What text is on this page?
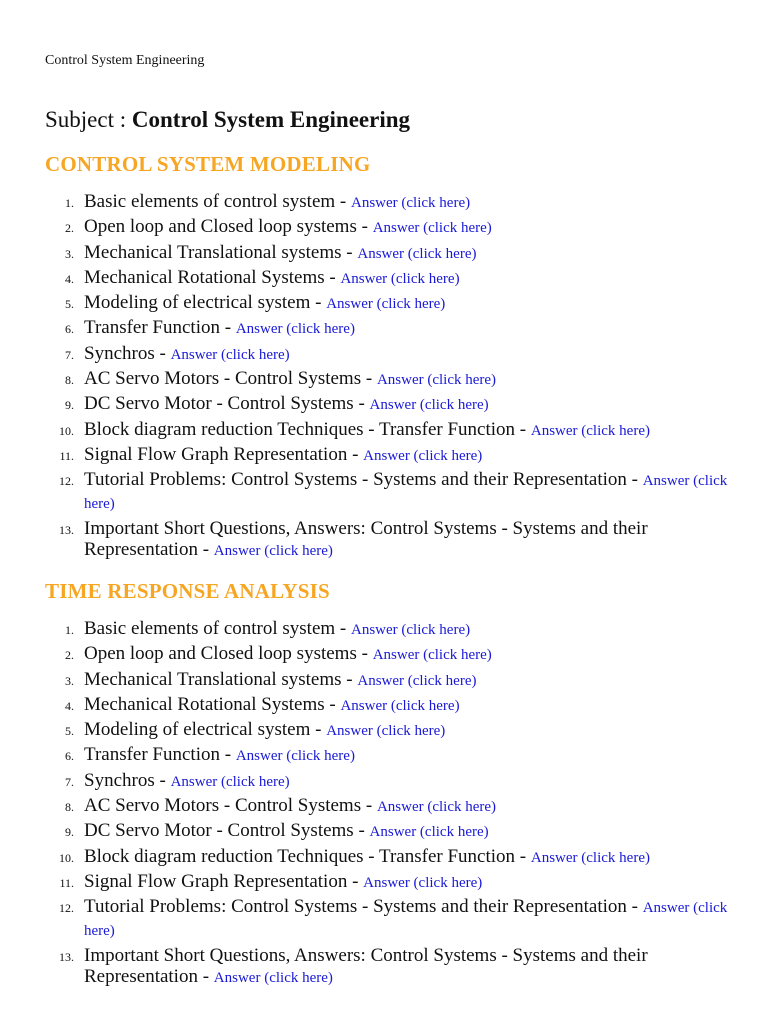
Control System Engineering
Subject : Control System Engineering
CONTROL SYSTEM MODELING
1. Basic elements of control system - Answer (click here)
2. Open loop and Closed loop systems - Answer (click here)
3. Mechanical Translational systems - Answer (click here)
4. Mechanical Rotational Systems - Answer (click here)
5. Modeling of electrical system - Answer (click here)
6. Transfer Function - Answer (click here)
7. Synchros - Answer (click here)
8. AC Servo Motors - Control Systems - Answer (click here)
9. DC Servo Motor - Control Systems - Answer (click here)
10. Block diagram reduction Techniques - Transfer Function - Answer (click here)
11. Signal Flow Graph Representation - Answer (click here)
12. Tutorial Problems: Control Systems - Systems and their Representation - Answer (click here)
13. Important Short Questions, Answers: Control Systems - Systems and their Representation - Answer (click here)
TIME RESPONSE ANALYSIS
1. Basic elements of control system - Answer (click here)
2. Open loop and Closed loop systems - Answer (click here)
3. Mechanical Translational systems - Answer (click here)
4. Mechanical Rotational Systems - Answer (click here)
5. Modeling of electrical system - Answer (click here)
6. Transfer Function - Answer (click here)
7. Synchros - Answer (click here)
8. AC Servo Motors - Control Systems - Answer (click here)
9. DC Servo Motor - Control Systems - Answer (click here)
10. Block diagram reduction Techniques - Transfer Function - Answer (click here)
11. Signal Flow Graph Representation - Answer (click here)
12. Tutorial Problems: Control Systems - Systems and their Representation - Answer (click here)
13. Important Short Questions, Answers: Control Systems - Systems and their Representation - Answer (click here)
